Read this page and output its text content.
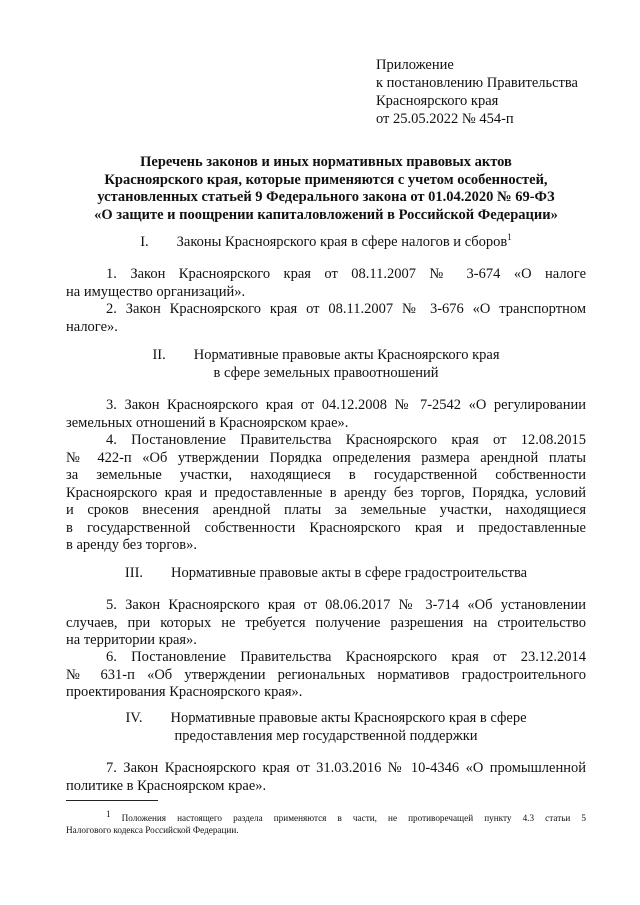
Приложение
к постановлению Правительства
Красноярского края
от 25.05.2022 № 454-п
Перечень законов и иных нормативных правовых актов
Красноярского края, которые применяются с учетом особенностей,
установленных статьей 9 Федерального закона от 01.04.2020 № 69-ФЗ
«О защите и поощрении капиталовложений в Российской Федерации»
I. Законы Красноярского края в сфере налогов и сборов$^1$
1. Закон Красноярского края от 08.11.2007 № 3-674 «О налоге
на имущество организаций».
2. Закон Красноярского края от 08.11.2007 № 3-676 «О транспортном
налоге».
II. Нормативные правовые акты Красноярского края
в сфере земельных правоотношений
3. Закон Красноярского края от 04.12.2008 № 7-2542 «О регулировании
земельных отношений в Красноярском крае».
4. Постановление Правительства Красноярского края от 12.08.2015
№ 422-п «Об утверждении Порядка определения размера арендной платы
за земельные участки, находящиеся в государственной собственности
Красноярского края и предоставленные в аренду без торгов, Порядка, условий
и сроков внесения арендной платы за земельные участки, находящиеся
в государственной собственности Красноярского края и предоставленные
в аренду без торгов».
III. Нормативные правовые акты в сфере градостроительства
5. Закон Красноярского края от 08.06.2017 № 3-714 «Об установлении
случаев, при которых не требуется получение разрешения на строительство
на территории края».
6. Постановление Правительства Красноярского края от 23.12.2014
№ 631-п «Об утверждении региональных нормативов градостроительного
проектирования Красноярского края».
IV. Нормативные правовые акты Красноярского края в сфере
предоставления мер государственной поддержки
7. Закон Красноярского края от 31.03.2016 № 10-4346 «О промышленной
политике в Красноярском крае».
1 Положения настоящего раздела применяются в части, не противоречащей пункту 4.3 статьи 5
Налогового кодекса Российской Федерации.
